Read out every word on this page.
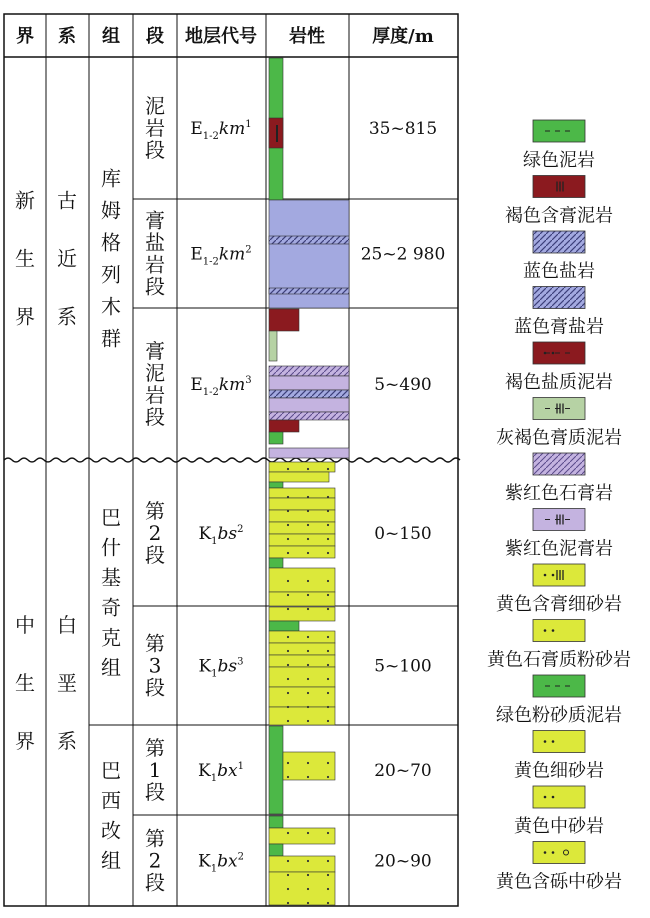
界 系 组 段 地层代号 岩性	厚度/m
新生界
中生界
古近系
白垩系
库姆格列木群
巴什基奇克组
巴西改组
泥岩段
膏盐岩段
膏泥岩段
第 2 段
第 3 段
第 1 段
第 2 段
$E_{1-2}km^1$
$E_{1-2}km^2$
$E_{1-2}km^3$
$K_1bs^2$
$K_1bs^3$
$K_1bx^1$
$K_1bx^2$
35~815
25~2 980
5~490
0~150
5~100
20~70
20~90
绿色泥岩
褐色含膏泥岩
蓝色盐岩
蓝色膏盐岩
褐色盐质泥岩
灰褐色膏质泥岩
紫红色石膏岩
紫红色泥膏岩
黄色含膏细砂岩
黄色石膏质粉砂岩
绿色粉砂质泥岩
黄色细砂岩
黄色中砂岩
黄色含砾中砂岩
